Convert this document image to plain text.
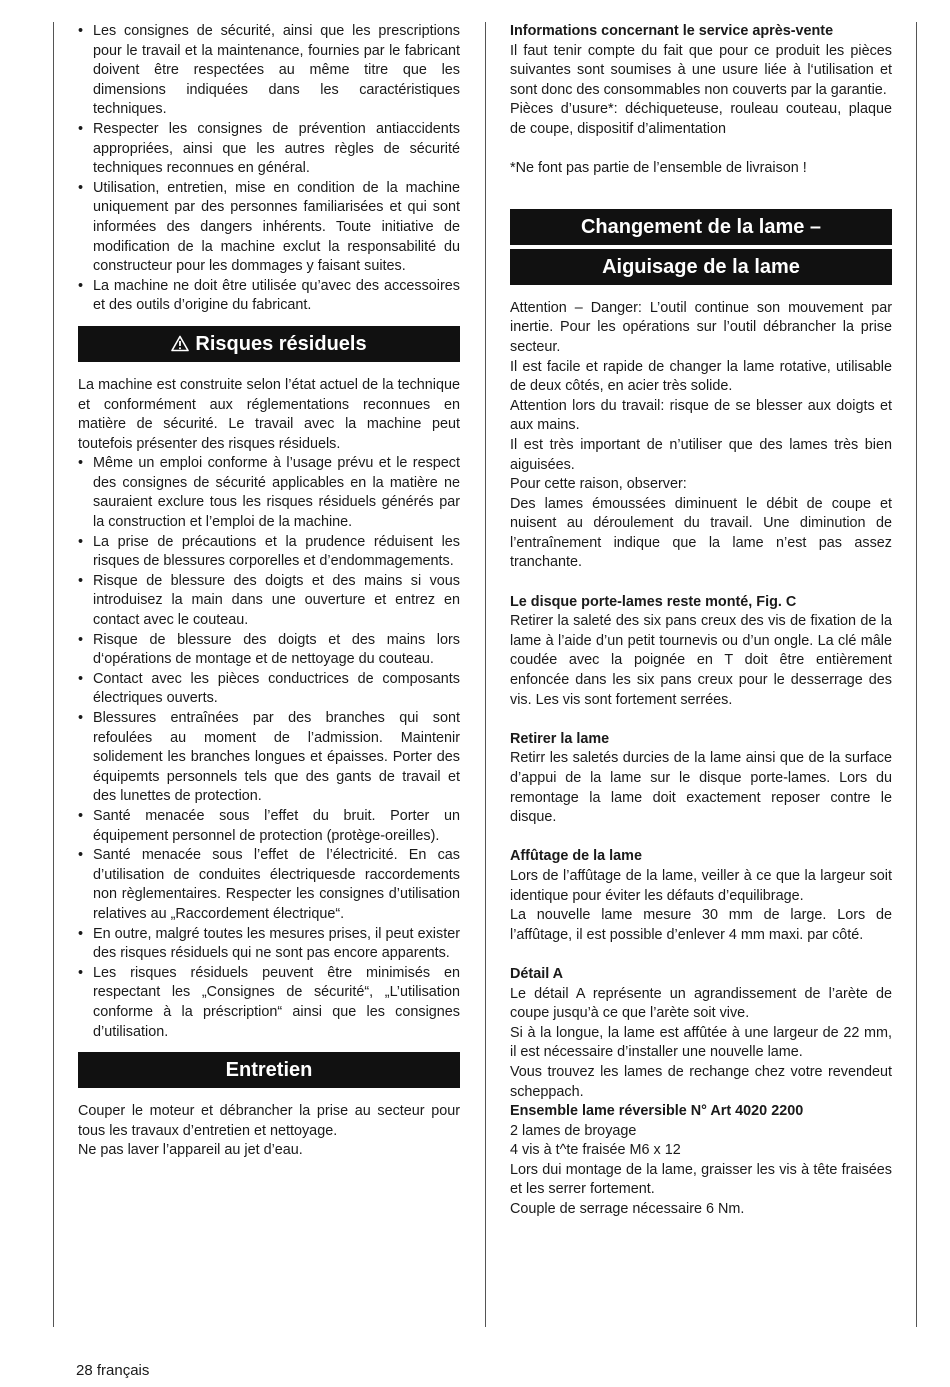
• Les consignes de sécurité, ainsi que les prescriptions pour le travail et la maintenance, fournies par le fabricant doivent être respectées au même titre que les dimensions indiquées dans les caractéristiques techniques.
• Respecter les consignes de prévention antiaccidents appropriées, ainsi que les autres règles de sécurité techniques reconnues en général.
• Utilisation, entretien, mise en condition de la machine uniquement par des personnes familiarisées et qui sont informées des dangers inhérents. Toute initiative de modification de la machine exclut la responsabilité du constructeur pour les dommages y faisant suites.
• La machine ne doit être utilisée qu’avec des accessoires et des outils d’origine du fabricant.
Risques résiduels

La machine est construite selon l’état actuel de la technique et conformément aux réglementations reconnues en matière de sécurité. Le travail avec la machine peut toutefois présenter des risques résiduels.

• Même un emploi conforme à l’usage prévu et le respect des consignes de sécurité applicables en la matière ne sauraient exclure tous les risques résiduels générés par la construction et l’emploi de la machine.
• La prise de précautions et la prudence réduisent les risques de blessures corporelles et d’endommagements.
• Risque de blessure des doigts et des mains si vous introduisez la main dans une ouverture et entrez en contact avec le couteau.
• Risque de blessure des doigts et des mains lors d‘opérations de montage et de nettoyage du couteau.
• Contact avec les pièces conductrices de composants électriques ouverts.
• Blessures entraînées par des branches qui sont refoulées au moment de l’admission. Maintenir solidement les branches longues et épaisses. Porter des équipemts personnels tels que des gants de travail et des lunettes de protection.
• Santé menacée sous l’effet du bruit. Porter un équipement personnel de protection (protège-oreilles).
• Santé menacée sous l’effet de l’électricité. En cas d’utilisation de conduites électriquesde raccordements non règlementaires. Respecter les consignes d’utilisation relatives au „Raccordement électrique“.
• En outre, malgré toutes les mesures prises, il peut exister des risques résiduels qui ne sont pas encore apparents.
• Les risques résiduels peuvent être minimisés en respectant les „Consignes de sécurité“, „L’utilisation conforme à la préscription“ ainsi que les consignes d’utilisation.
Entretien

Couper le moteur et débrancher la prise au secteur pour tous les travaux d’entretien et nettoyage.

Ne pas laver l’appareil au jet d’eau.

Informations concernant le service après-vente

Il faut tenir compte du fait que pour ce produit les pièces suivantes sont soumises à une usure liée à l‘utilisation et sont donc des consommables non couverts par la garantie.

Pièces d’usure*: déchiqueteuse, rouleau couteau, plaque de coupe, dispositif d’alimentation

*Ne font pas partie de l’ensemble de livraison !

Changement de la lame –
Aiguisage de la lame

Attention – Danger: L’outil continue son mouvement par inertie. Pour les opérations sur l’outil débrancher la prise secteur.

Il est facile et rapide de changer la lame rotative, utilisable de deux côtés, en acier très solide.

Attention lors du travail: risque de se blesser aux doigts et aux mains.

Il est très important de n’utiliser que des lames très bien aiguisées.

Pour cette raison, observer:

Des lames émoussées diminuent le débit de coupe et nuisent au déroulement du travail. Une diminution de l’entraînement indique que la lame n’est pas assez tranchante.

Le disque porte-lames reste monté, Fig. C

Retirer la saleté des six pans creux des vis de fixation de la lame à l’aide d’un petit tournevis ou d’un ongle. La clé mâle coudée avec la poignée en T doit être entièrement enfoncée dans les six pans creux pour le desserrage des vis. Les vis sont fortement serrées.

Retirer la lame

Retirr les saletés durcies de la lame ainsi que de la surface d’appui de la lame sur le disque porte-lames. Lors du remontage la lame doit exactement reposer contre le disque.

Affûtage de la lame

Lors de l’affûtage de la lame, veiller à ce que la largeur soit identique pour éviter les défauts d’equilibrage.

La nouvelle lame mesure 30 mm de large. Lors de l’affûtage, il est possible d’enlever 4 mm maxi. par côté.

Détail A

Le détail A représente un agrandissement de l’arète de coupe jusqu’à ce que l’arète soit vive.

Si à la longue, la lame est affûtée à une largeur de 22 mm, il est nécessaire d’installer une nouvelle lame.

Vous trouvez les lames de rechange chez votre revendeut scheppach.

Ensemble lame réversible N° Art 4020 2200

2 lames de broyage

4 vis à t^te fraisée M6 x 12

Lors dui montage de la lame, graisser les vis à tête fraisées et les serrer fortement.

Couple de serrage nécessaire 6 Nm.

28 français
